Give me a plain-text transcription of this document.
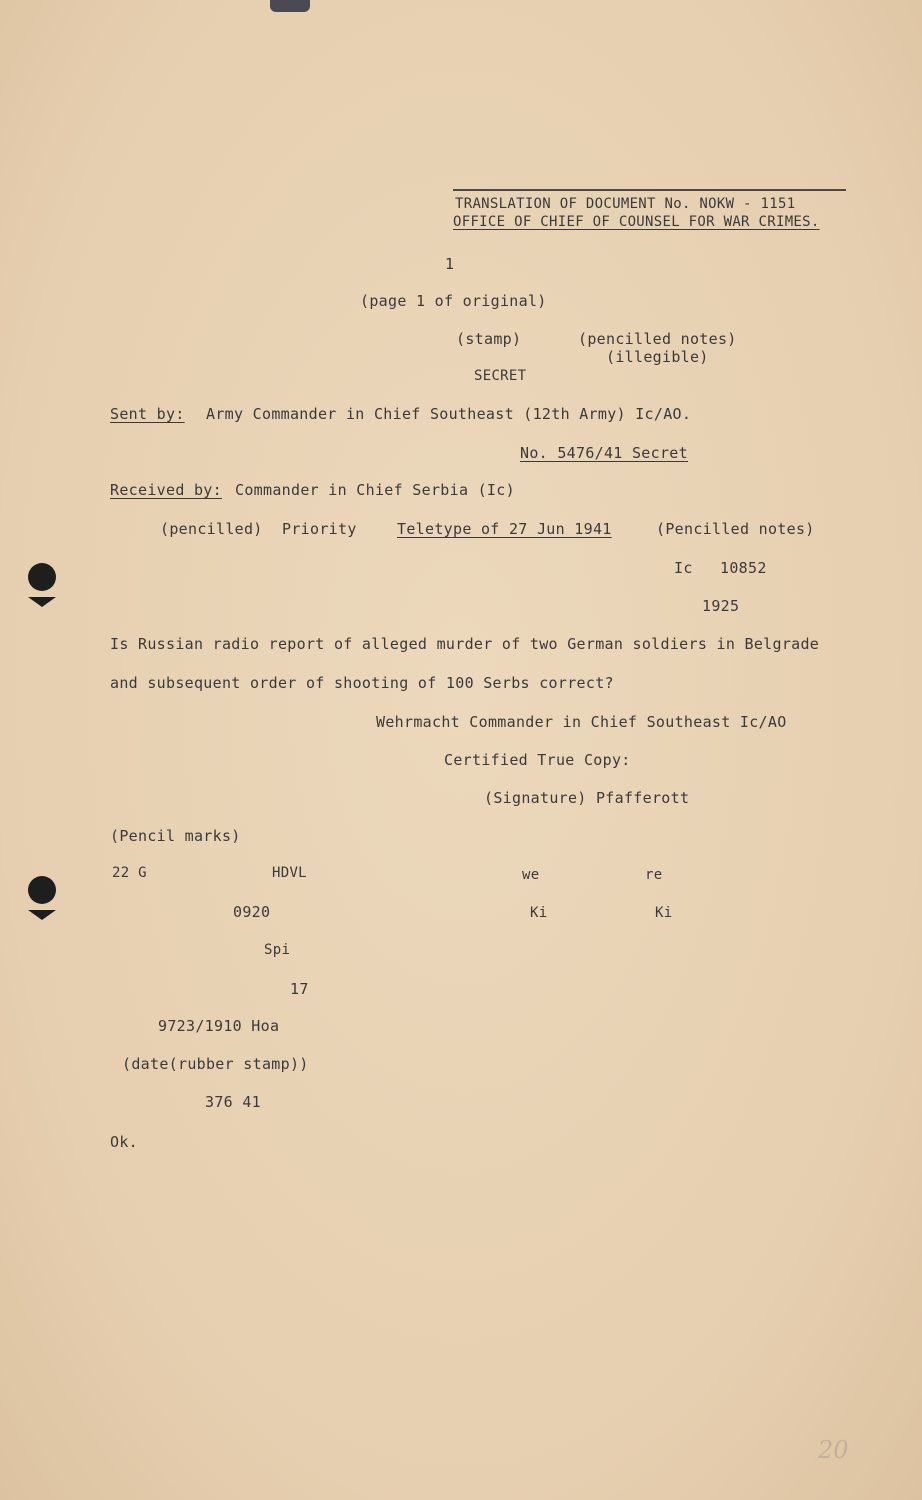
TRANSLATION OF DOCUMENT No. NOKW - 1151
OFFICE OF CHIEF OF COUNSEL FOR WAR CRIMES.
1
(page 1 of original)
(stamp)	(pencilled notes)
(illegible)
SECRET
Sent by: Army Commander in Chief Southeast (12th Army) Ic/AO.
No. 5476/41 Secret
Received by: Commander in Chief Serbia (Ic)
(pencilled) Priority	Teletype of 27 Jun 1941	(Pencilled notes)
Ic 10852
1925
Is Russian radio report of alleged murder of two German soldiers in Belgrade
and subsequent order of shooting of 100 Serbs correct?
Wehrmacht Commander in Chief Southeast Ic/AO
Certified True Copy:
(Signature) Pfafferott
(Pencil marks)
22 G	HDVL	we	re
0920	Ki	Ki
Spi
17
9723/1910 Hoa
(date(rubber stamp))
376 41
Ok.
20
